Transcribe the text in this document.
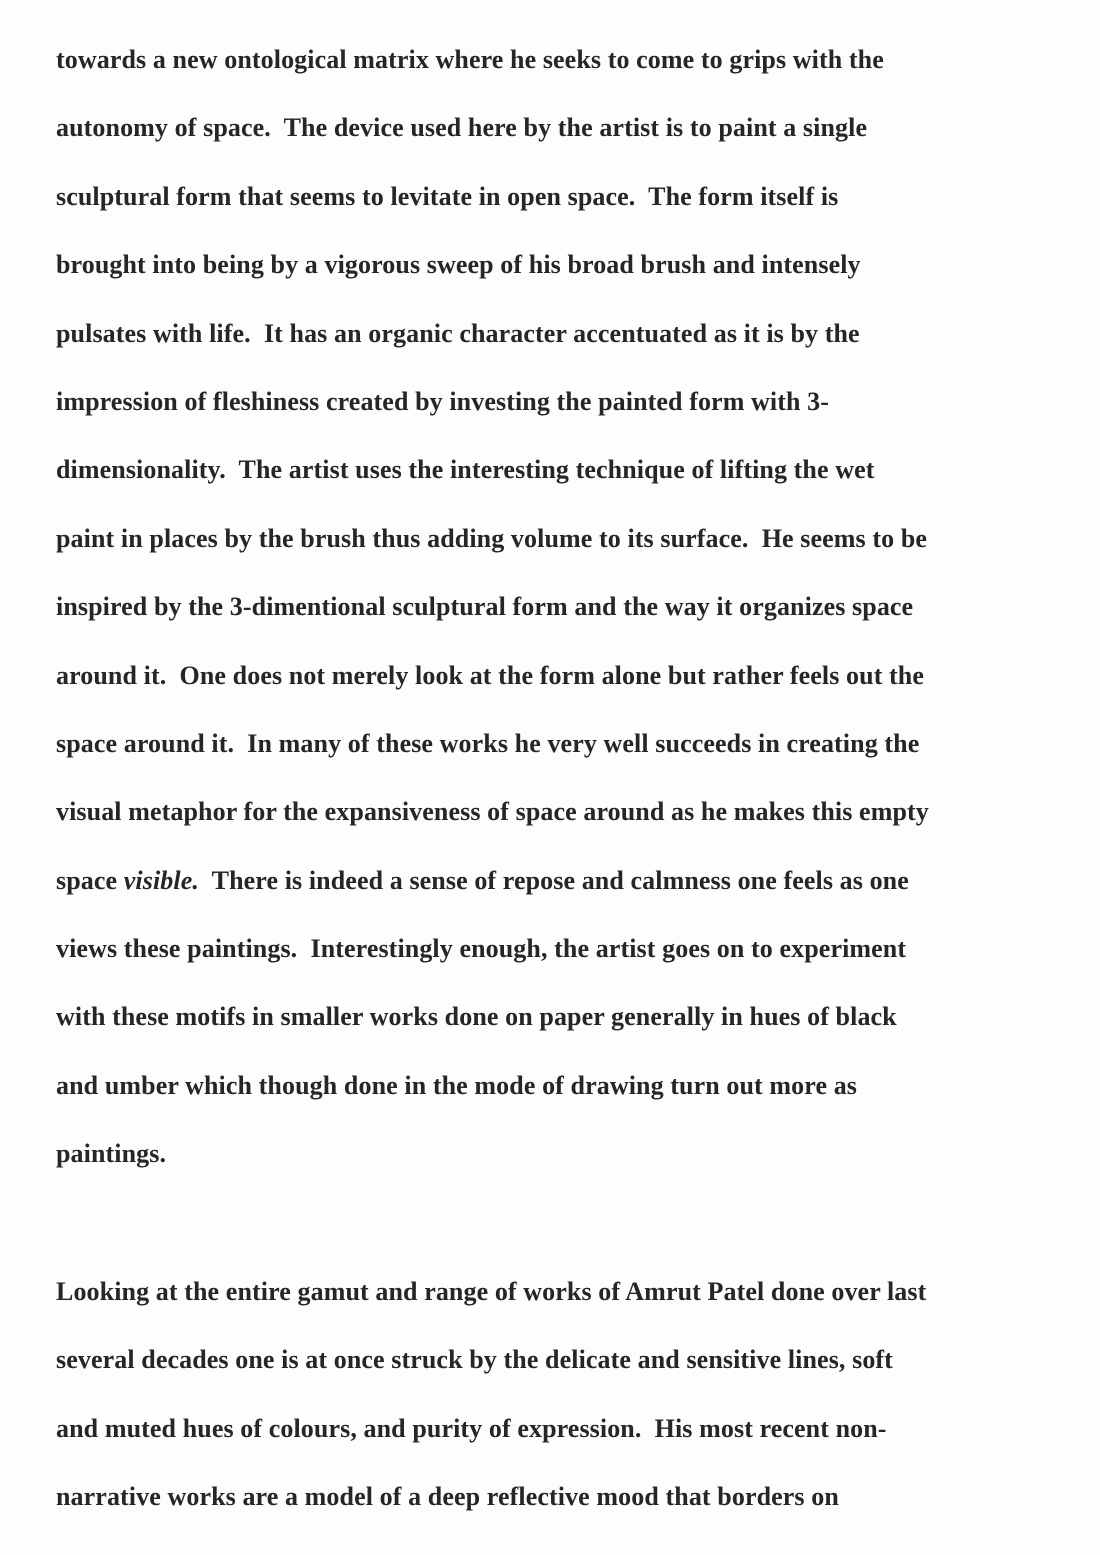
towards a new ontological matrix where he seeks to come to grips with the
autonomy of space.  The device used here by the artist is to paint a single
sculptural form that seems to levitate in open space.  The form itself is
brought into being by a vigorous sweep of his broad brush and intensely
pulsates with life.  It has an organic character accentuated as it is by the
impression of fleshiness created by investing the painted form with 3-
dimensionality.  The artist uses the interesting technique of lifting the wet
paint in places by the brush thus adding volume to its surface.  He seems to be
inspired by the 3-dimentional sculptural form and the way it organizes space
around it.  One does not merely look at the form alone but rather feels out the
space around it.  In many of these works he very well succeeds in creating the
visual metaphor for the expansiveness of space around as he makes this empty
space visible.  There is indeed a sense of repose and calmness one feels as one
views these paintings.  Interestingly enough, the artist goes on to experiment
with these motifs in smaller works done on paper generally in hues of black
and umber which though done in the mode of drawing turn out more as
paintings.

Looking at the entire gamut and range of works of Amrut Patel done over last
several decades one is at once struck by the delicate and sensitive lines, soft
and muted hues of colours, and purity of expression.  His most recent non-
narrative works are a model of a deep reflective mood that borders on
